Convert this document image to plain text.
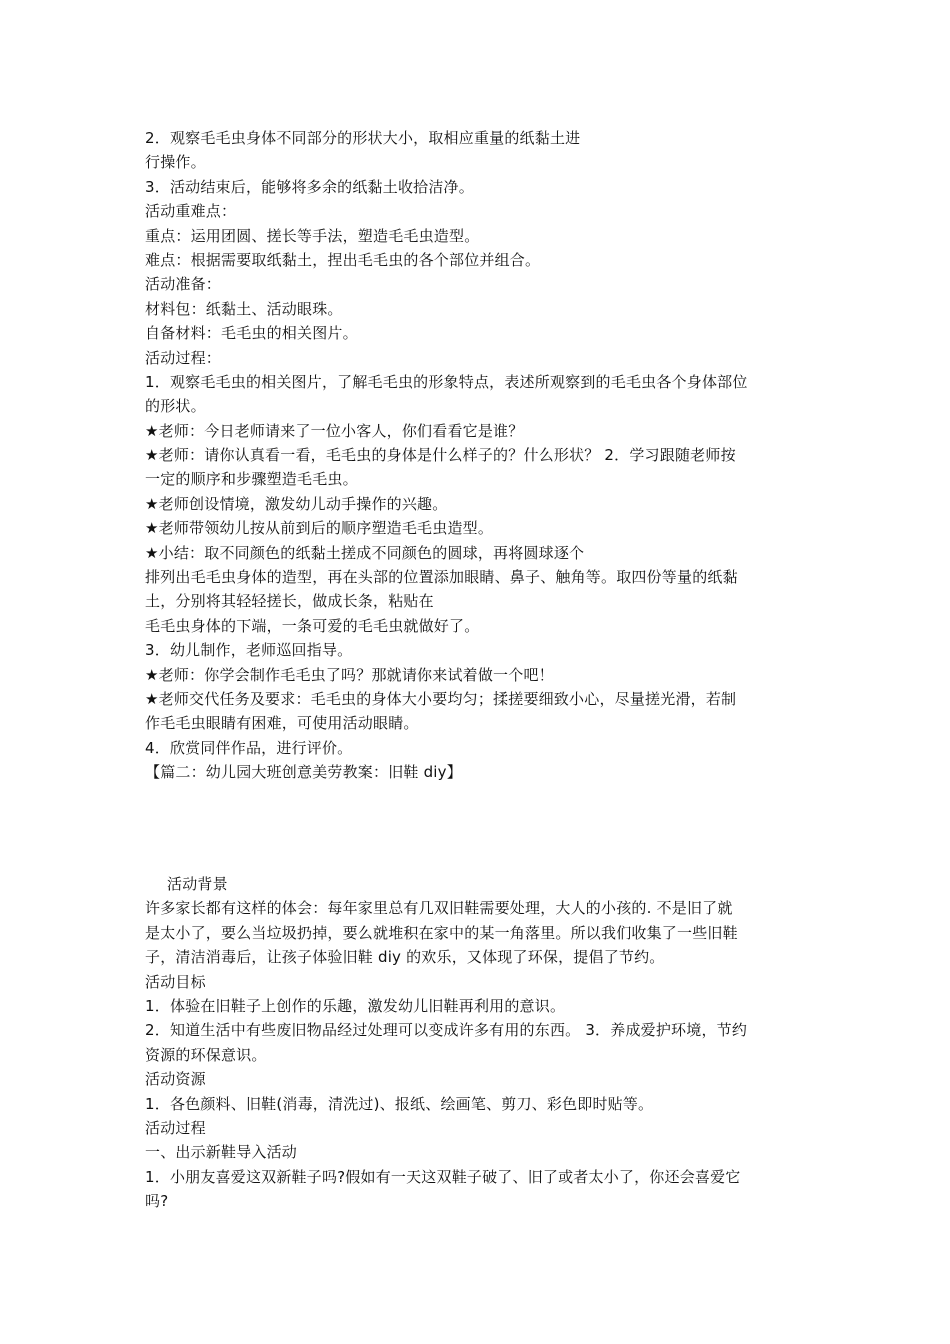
2．观察毛毛虫身体不同部分的形状大小，取相应重量的纸黏土进
行操作。
3．活动结束后，能够将多余的纸黏土收拾洁净。
活动重难点：
重点：运用团圆、搓长等手法，塑造毛毛虫造型。
难点：根据需要取纸黏土，捏出毛毛虫的各个部位并组合。
活动准备：
材料包：纸黏土、活动眼珠。
自备材料：毛毛虫的相关图片。
活动过程：
1．观察毛毛虫的相关图片，了解毛毛虫的形象特点，表述所观察到的毛毛虫各个身体部位
的形状。
★老师：今日老师请来了一位小客人，你们看看它是谁？
★老师：请你认真看一看，毛毛虫的身体是什么样子的？什么形状？ 2．学习跟随老师按
一定的顺序和步骤塑造毛毛虫。
★老师创设情境，激发幼儿动手操作的兴趣。
★老师带领幼儿按从前到后的顺序塑造毛毛虫造型。
★小结：取不同颜色的纸黏土搓成不同颜色的圆球，再将圆球逐个
排列出毛毛虫身体的造型，再在头部的位置添加眼睛、鼻子、触角等。取四份等量的纸黏
土，分别将其轻轻搓长，做成长条，粘贴在
毛毛虫身体的下端，一条可爱的毛毛虫就做好了。
3．幼儿制作，老师巡回指导。
★老师：你学会制作毛毛虫了吗？那就请你来试着做一个吧！
★老师交代任务及要求：毛毛虫的身体大小要均匀；揉搓要细致小心，尽量搓光滑，若制
作毛毛虫眼睛有困难，可使用活动眼睛。
4．欣赏同伴作品，进行评价。
【篇二：幼儿园大班创意美劳教案：旧鞋 diy】
活动背景
许多家长都有这样的体会：每年家里总有几双旧鞋需要处理，大人的小孩的. 不是旧了就
是太小了，要么当垃圾扔掉，要么就堆积在家中的某一角落里。所以我们收集了一些旧鞋
子，清洁消毒后，让孩子体验旧鞋 diy 的欢乐，又体现了环保，提倡了节约。
活动目标
1．体验在旧鞋子上创作的乐趣，激发幼儿旧鞋再利用的意识。
2．知道生活中有些废旧物品经过处理可以变成许多有用的东西。 3．养成爱护环境，节约
资源的环保意识。
活动资源
1．各色颜料、旧鞋(消毒，清洗过)、报纸、绘画笔、剪刀、彩色即时贴等。
活动过程
一、出示新鞋导入活动
1．小朋友喜爱这双新鞋子吗?假如有一天这双鞋子破了、旧了或者太小了，你还会喜爱它
吗?
